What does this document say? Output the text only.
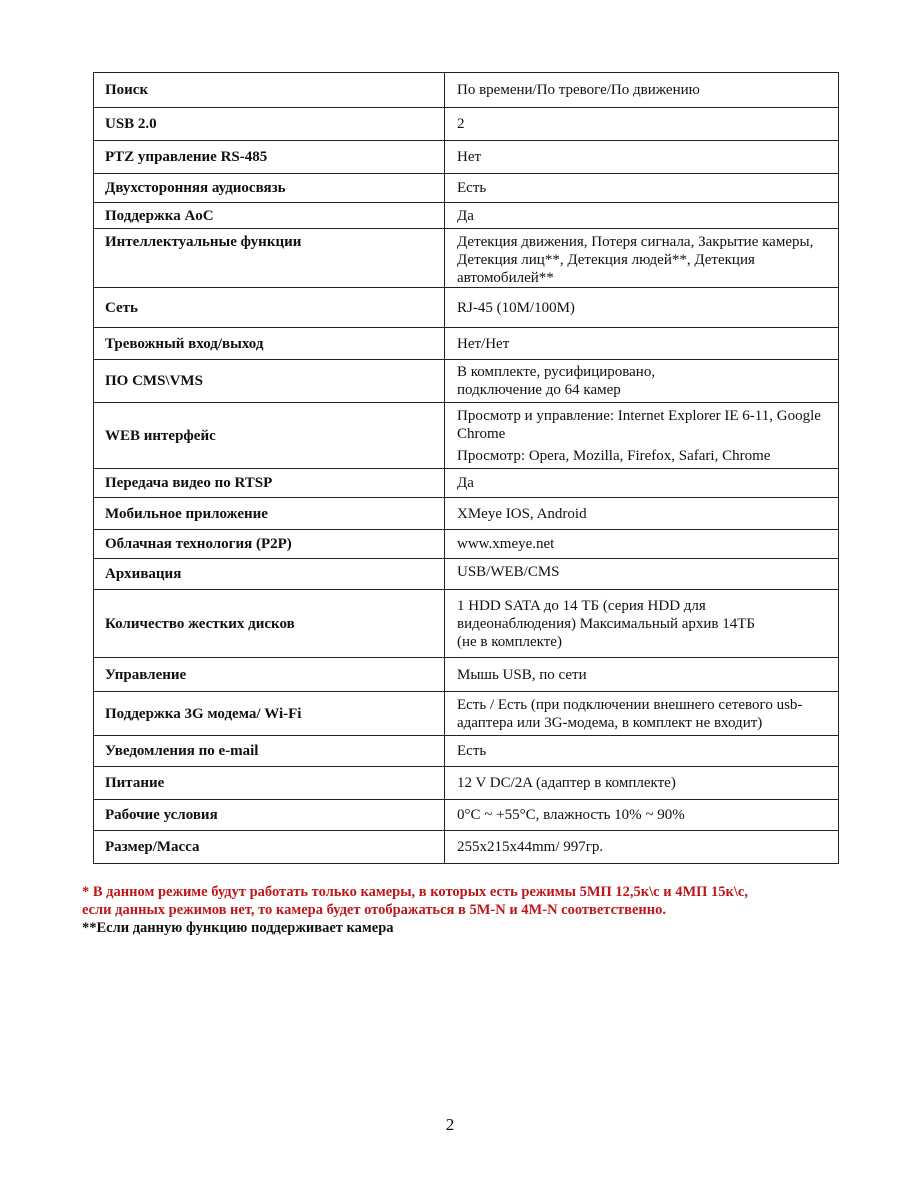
Поиск	По времени/По тревоге/По движению

USB 2.0	2

PTZ управление RS-485	Нет

Двухсторонняя аудиосвязь	Есть

Поддержка AoC	Да

Интеллектуальные функции	Детекция движения, Потеря сигнала, Закрытие камеры,
Детекция лиц**, Детекция людей**, Детекция
автомобилей**

Сеть	RJ-45 (10M/100M)

Тревожный вход/выход	Нет/Нет

ПО CMS\VMS	В комплекте, русифицировано,
подключение до 64 камер

WEB интерфейс	Просмотр и управление: Internet Explorer IE 6-11, Google
Chrome
Просмотр: Opera, Mozilla, Firefox, Safari, Chrome

Передача видео по RTSP	Да

Мобильное приложение	XMeye IOS, Android

Облачная технология (P2P)	www.xmeye.net

Архивация	USB/WEB/CMS

Количество жестких дисков	1 HDD SATA до 14 ТБ (серия HDD для
видеонаблюдения) Максимальный архив 14ТБ
(не в комплекте)

Управление	Мышь USB, по сети

Поддержка 3G модема/ Wi-Fi	Есть / Есть (при подключении внешнего сетевого usb-
адаптера или 3G-модема, в комплект не входит)

Уведомления по e-mail	Есть

Питание	12 V DC/2A (адаптер в комплекте)

Рабочие условия	0°C ~ +55°C, влажность 10% ~ 90%

Размер/Масса	255x215x44mm/ 997гр.
* В данном режиме будут работать только камеры, в которых есть режимы 5МП 12,5к\с и 4МП 15к\с,
если данных режимов нет, то камера будет отображаться в 5M-N и 4M-N соответственно.
**Если данную функцию поддерживает камера
2
